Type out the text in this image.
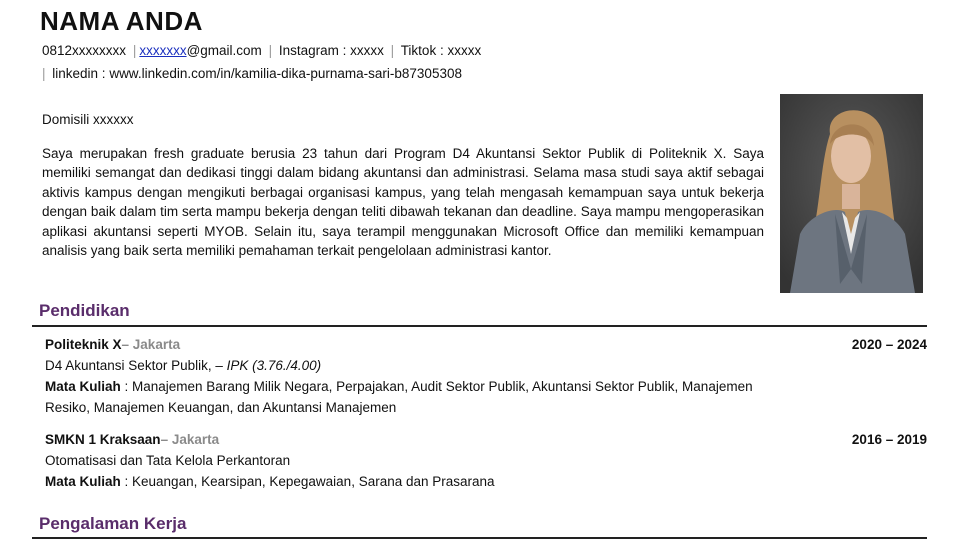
NAMA ANDA
0812xxxxxxxx | xxxxxxx@gmail.com | Instagram : xxxxx | Tiktok : xxxxx
| linkedin : www.linkedin.com/in/kamilia-dika-purnama-sari-b87305308
Domisili xxxxxx

Saya merupakan fresh graduate berusia 23 tahun dari Program D4 Akuntansi Sektor Publik di Politeknik X. Saya memiliki semangat dan dedikasi tinggi dalam bidang akuntansi dan administrasi. Selama masa studi saya aktif sebagai aktivis kampus dengan mengikuti berbagai organisasi kampus, yang telah mengasah kemampuan saya untuk bekerja dengan baik dalam tim serta mampu bekerja dengan teliti dibawah tekanan dan deadline. Saya mampu mengoperasikan aplikasi akuntansi seperti MYOB. Selain itu, saya terampil menggunakan Microsoft Office dan memiliki kemampuan analisis yang baik serta memiliki pemahaman terkait pengelolaan administrasi kantor.

Pendidikan
Politeknik X– Jakarta	2020 – 2024
D4 Akuntansi Sektor Publik, – IPK (3.76./4.00)
Mata Kuliah : Manajemen Barang Milik Negara, Perpajakan, Audit Sektor Publik, Akuntansi Sektor Publik, Manajemen
Resiko, Manajemen Keuangan, dan Akuntansi Manajemen
SMKN 1 Kraksaan– Jakarta	2016 – 2019
Otomatisasi dan Tata Kelola Perkantoran
Mata Kuliah : Keuangan, Kearsipan, Kepegawaian, Sarana dan Prasarana
Pengalaman Kerja
